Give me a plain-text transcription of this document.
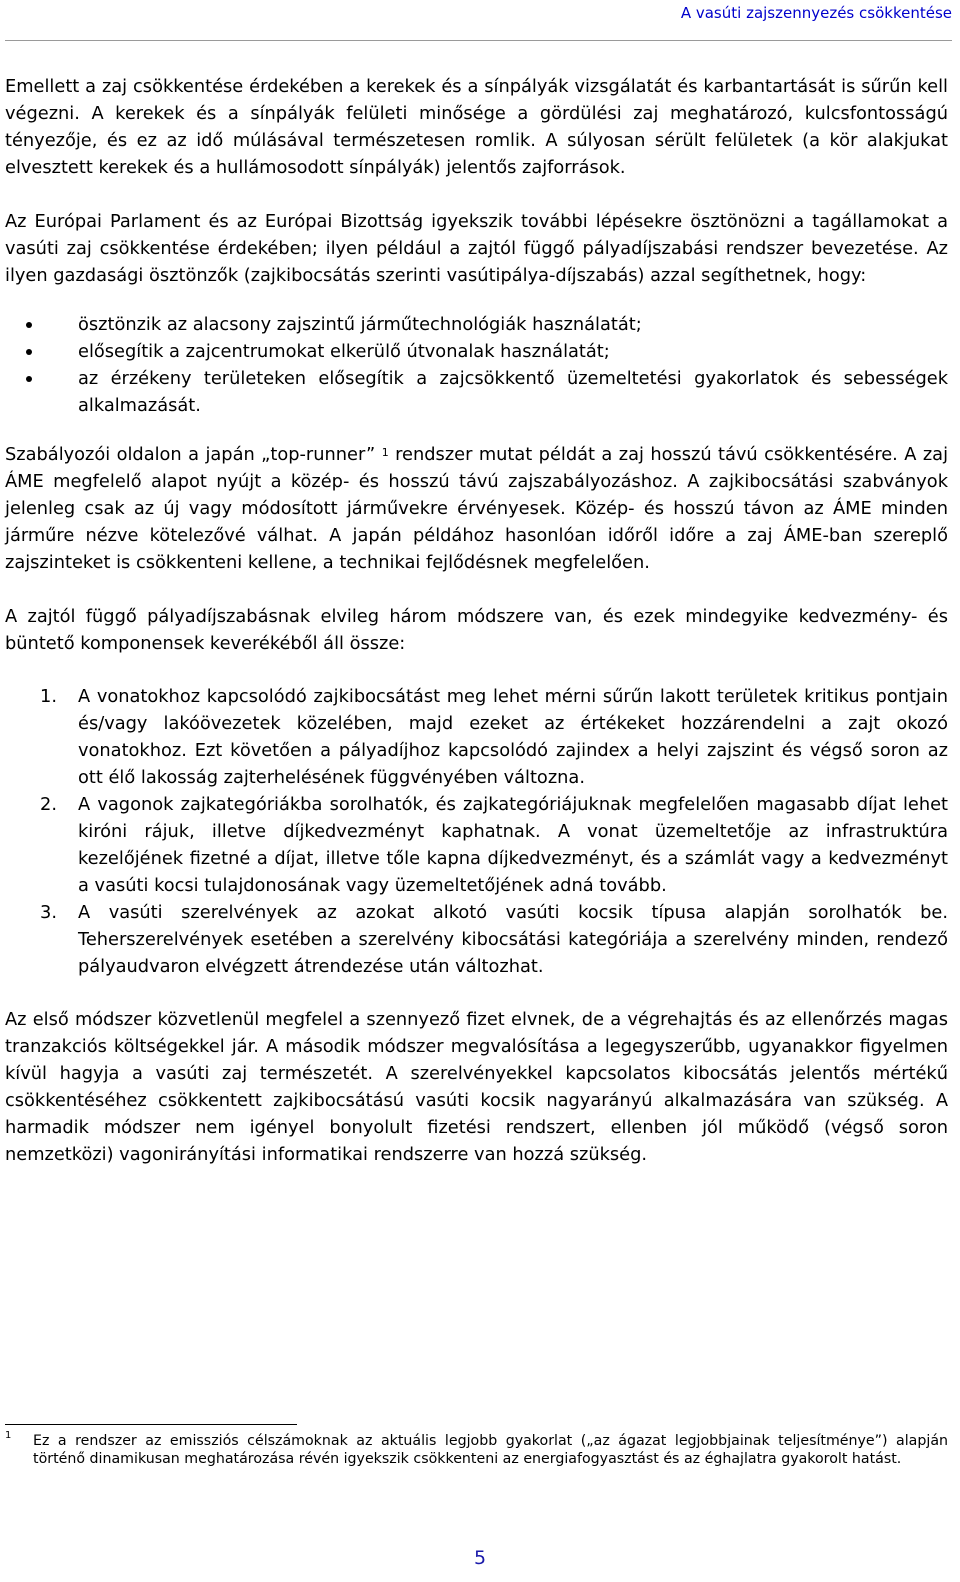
A vasúti zajszennyezés csökkentése

Emellett a zaj csökkentése érdekében a kerekek és a sínpályák vizsgálatát és karbantartását is sűrűn kell végezni. A kerekek és a sínpályák felületi minősége a gördülési zaj meghatározó, kulcsfontosságú tényezője, és ez az idő múlásával természetesen romlik. A súlyosan sérült felületek (a kör alakjukat elvesztett kerekek és a hullámosodott sínpályák) jelentős zajforrások.

Az Európai Parlament és az Európai Bizottság igyekszik további lépésekre ösztönözni a tagállamokat a vasúti zaj csökkentése érdekében; ilyen például a zajtól függő pályadíjszabási rendszer bevezetése. Az ilyen gazdasági ösztönzők (zajkibocsátás szerinti vasútipálya-díjszabás) azzal segíthetnek, hogy:

ösztönzik az alacsony zajszintű járműtechnológiák használatát;
elősegítik a zajcentrumokat elkerülő útvonalak használatát;
az érzékeny területeken elősegítik a zajcsökkentő üzemeltetési gyakorlatok és sebességek alkalmazását.

Szabályozói oldalon a japán „top-runner” $^1$ rendszer mutat példát a zaj hosszú távú csökkentésére. A zaj ÁME megfelelő alapot nyújt a közép- és hosszú távú zajszabályozáshoz. A zajkibocsátási szabványok jelenleg csak az új vagy módosított járművekre érvényesek. Közép- és hosszú távon az ÁME minden járműre nézve kötelezővé válhat. A japán példához hasonlóan időről időre a zaj ÁME-ban szereplő zajszinteket is csökkenteni kellene, a technikai fejlődésnek megfelelően.

A zajtól függő pályadíjszabásnak elvileg három módszere van, és ezek mindegyike kedvezmény- és büntető komponensek keverékéből áll össze:

1. A vonatokhoz kapcsolódó zajkibocsátást meg lehet mérni sűrűn lakott területek kritikus pontjain és/vagy lakóövezetek közelében, majd ezeket az értékeket hozzárendelni a zajt okozó vonatokhoz. Ezt követően a pályadíjhoz kapcsolódó zajindex a helyi zajszint és végső soron az ott élő lakosság zajterhelésének függvényében változna.
2. A vagonok zajkategóriákba sorolhatók, és zajkategóriájuknak megfelelően magasabb díjat lehet kiróni rájuk, illetve díjkedvezményt kaphatnak. A vonat üzemeltetője az infrastruktúra kezelőjének fizetné a díjat, illetve tőle kapna díjkedvezményt, és a számlát vagy a kedvezményt a vasúti kocsi tulajdonosának vagy üzemeltetőjének adná tovább.
3. A vasúti szerelvények az azokat alkotó vasúti kocsik típusa alapján sorolhatók be. Teherszerelvények esetében a szerelvény kibocsátási kategóriája a szerelvény minden, rendező pályaudvaron elvégzett átrendezése után változhat.

Az első módszer közvetlenül megfelel a szennyező fizet elvnek, de a végrehajtás és az ellenőrzés magas tranzakciós költségekkel jár. A második módszer megvalósítása a legegyszerűbb, ugyanakkor figyelmen kívül hagyja a vasúti zaj természetét. A szerelvényekkel kapcsolatos kibocsátás jelentős mértékű csökkentéséhez csökkentett zajkibocsátású vasúti kocsik nagyarányú alkalmazására van szükség. A harmadik módszer nem igényel bonyolult fizetési rendszert, ellenben jól működő (végső soron nemzetközi) vagonirányítási informatikai rendszerre van hozzá szükség.

1	Ez a rendszer az emissziós célszámoknak az aktuális legjobb gyakorlat („az ágazat legjobbjainak teljesítménye”) alapján történő dinamikusan meghatározása révén igyekszik csökkenteni az energiafogyasztást és az éghajlatra gyakorolt hatást.
5
